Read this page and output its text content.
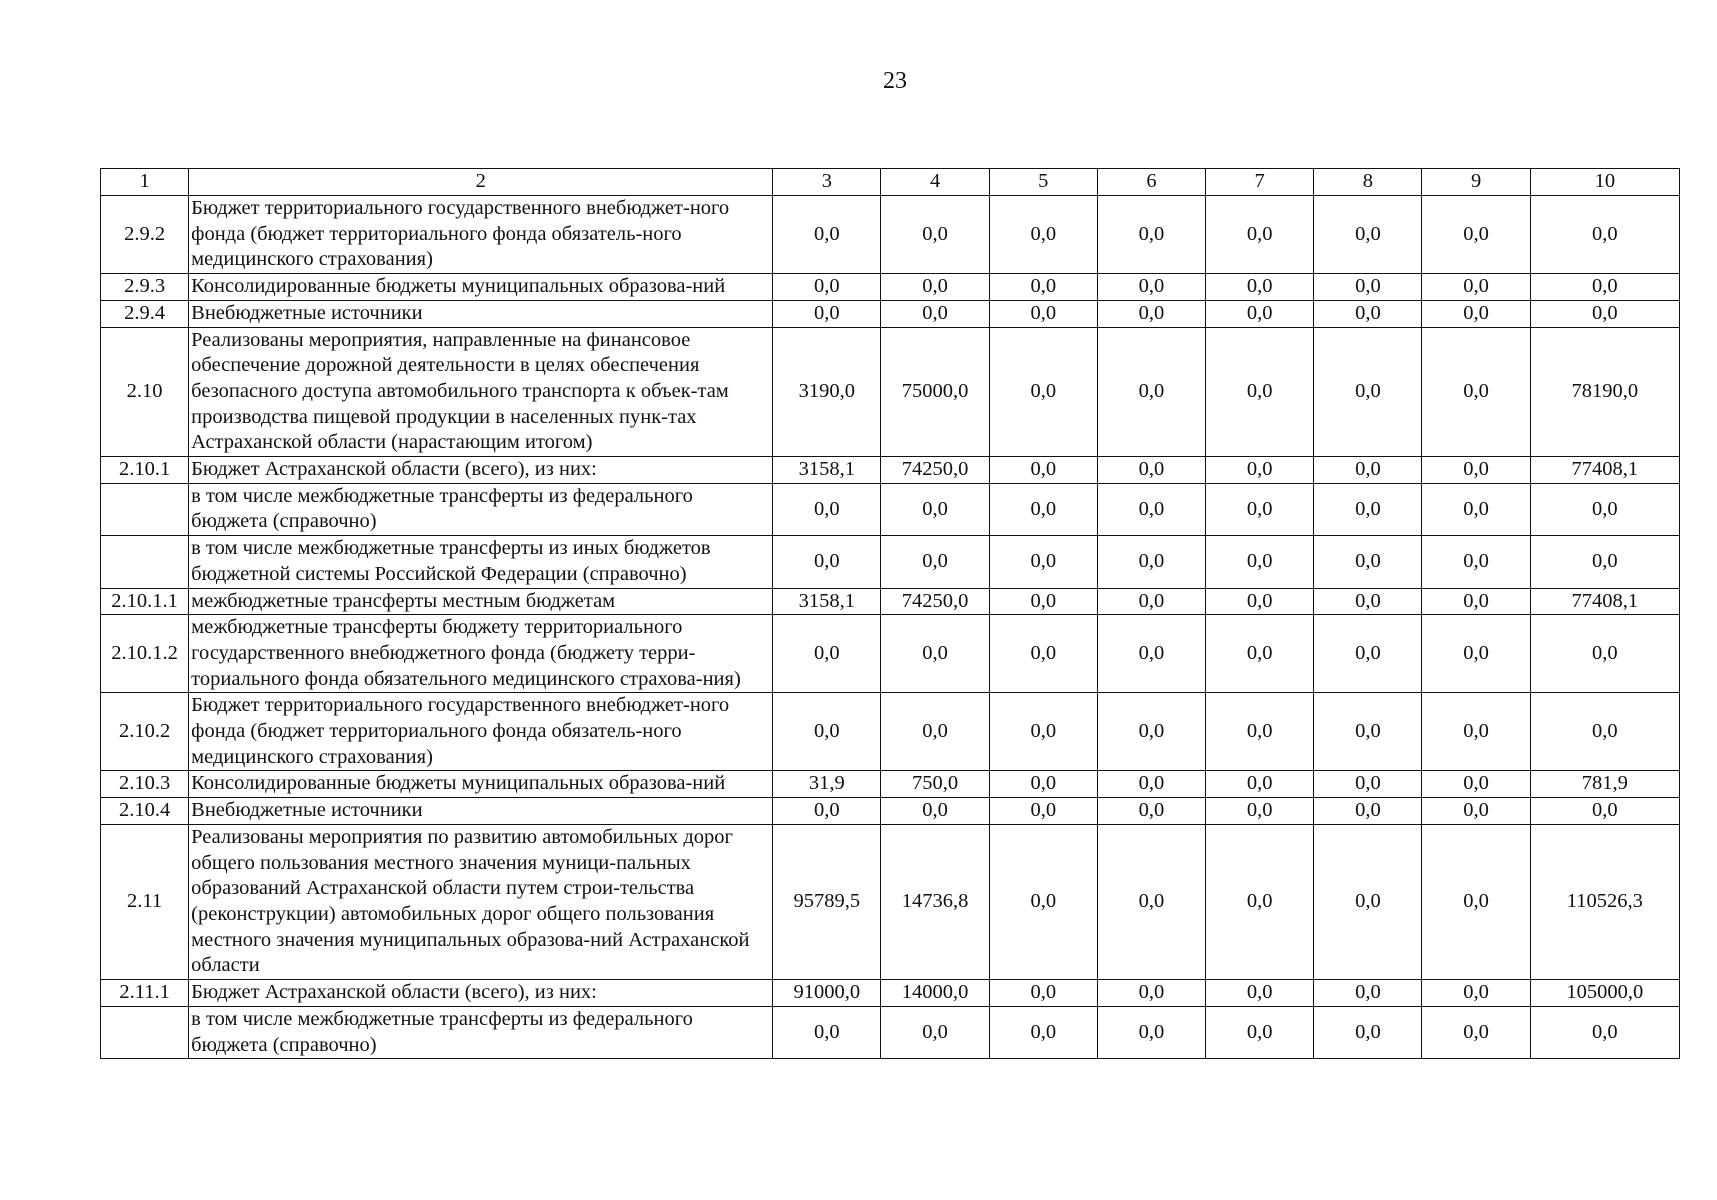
23
1	2	3	4	5	6	7	8	9	10
2.9.2	Бюджет территориального государственного внебюджет-ного фонда (бюджет территориального фонда обязатель-ного медицинского страхования)	0,0	0,0	0,0	0,0	0,0	0,0	0,0	0,0
2.9.3	Консолидированные бюджеты муниципальных образова-ний	0,0	0,0	0,0	0,0	0,0	0,0	0,0	0,0
2.9.4	Внебюджетные источники	0,0	0,0	0,0	0,0	0,0	0,0	0,0	0,0
2.10	Реализованы мероприятия, направленные на финансовое обеспечение дорожной деятельности в целях обеспечения безопасного доступа автомобильного транспорта к объек-там производства пищевой продукции в населенных пунк-тах Астраханской области (нарастающим итогом)	3190,0	75000,0	0,0	0,0	0,0	0,0	0,0	78190,0
2.10.1	Бюджет Астраханской области (всего), из них:	3158,1	74250,0	0,0	0,0	0,0	0,0	0,0	77408,1
	в том числе межбюджетные трансферты из федерального бюджета (справочно)	0,0	0,0	0,0	0,0	0,0	0,0	0,0	0,0
	в том числе межбюджетные трансферты из иных бюджетов бюджетной системы Российской Федерации (справочно)	0,0	0,0	0,0	0,0	0,0	0,0	0,0	0,0
2.10.1.1	межбюджетные трансферты местным бюджетам	3158,1	74250,0	0,0	0,0	0,0	0,0	0,0	77408,1
2.10.1.2	межбюджетные трансферты бюджету территориального государственного внебюджетного фонда (бюджету терри-ториального фонда обязательного медицинского страхова-ния)	0,0	0,0	0,0	0,0	0,0	0,0	0,0	0,0
2.10.2	Бюджет территориального государственного внебюджет-ного фонда (бюджет территориального фонда обязатель-ного медицинского страхования)	0,0	0,0	0,0	0,0	0,0	0,0	0,0	0,0
2.10.3	Консолидированные бюджеты муниципальных образова-ний	31,9	750,0	0,0	0,0	0,0	0,0	0,0	781,9
2.10.4	Внебюджетные источники	0,0	0,0	0,0	0,0	0,0	0,0	0,0	0,0
2.11	Реализованы мероприятия по развитию автомобильных дорог общего пользования местного значения муници-пальных образований Астраханской области путем строи-тельства (реконструкции) автомобильных дорог общего пользования местного значения муниципальных образова-ний Астраханской области	95789,5	14736,8	0,0	0,0	0,0	0,0	0,0	110526,3
2.11.1	Бюджет Астраханской области (всего), из них:	91000,0	14000,0	0,0	0,0	0,0	0,0	0,0	105000,0
	в том числе межбюджетные трансферты из федерального бюджета (справочно)	0,0	0,0	0,0	0,0	0,0	0,0	0,0	0,0
